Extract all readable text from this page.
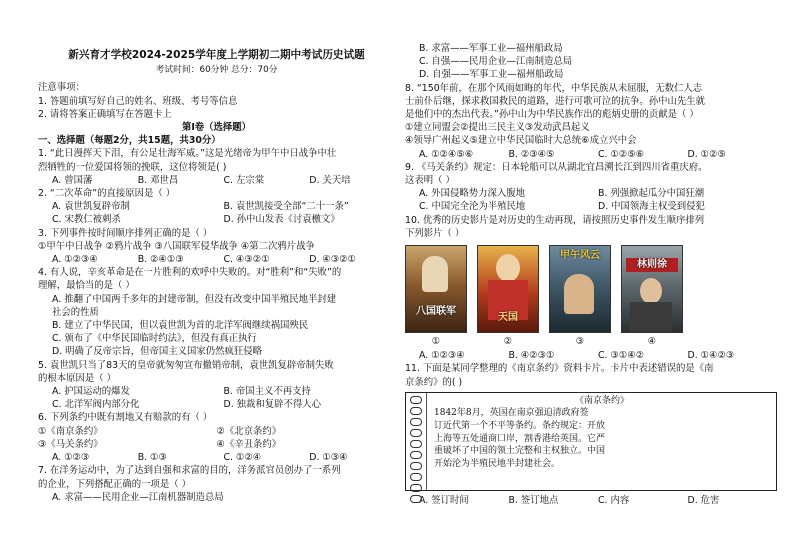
新兴育才学校2024-2025学年度上学期初二期中考试历史试题
考试时间：60分钟 总分：70分
注意事项：
1. 答题前填写好自己的姓名、班级、考号等信息
2. 请将答案正确填写在答题卡上
第I卷（选择题）
一、选择题（每题2分，共15题，共30分）
1. “此日漫挥天下泪，有公足壮海军威。”这是光绪帝为甲午中日战争中壮
烈牺牲的一位爱国将领的挽联，这位将领是( )
A. 曾国藩	B. 邓世昌	C. 左宗棠	D. 关天培
2. “二次革命”的直接原因是（ ）
A. 袁世凯复辟帝制	B. 袁世凯接受全部“二十一条”
C. 宋教仁被刺杀	D. 孙中山发表《讨袁檄文》
3. 下列事件按时间顺序排列正确的是（ ）
①甲午中日战争 ②鸦片战争 ③八国联军侵华战争 ④第二次鸦片战争
A. ①②③④	B. ②④①③	C. ④③②①	D. ④③②①
4. 有人说，辛亥革命是在一片胜利的欢呼中失败的。对“胜利”和“失败”的
理解，最恰当的是（ ）
A. 推翻了中国两千多年的封建帝制，但没有改变中国半殖民地半封建
社会的性质
B. 建立了中华民国，但以袁世凯为首的北洋军阀继续祸国殃民
C. 颁布了《中华民国临时约法》，但没有真正执行
D. 明确了反帝宗旨，但帝国主义国家仍然疯狂侵略
5. 袁世凯只当了83天的皇帝就匆匆宣布撤销帝制，袁世凯复辟帝制失败
的根本原因是（ ）
A. 护国运动的爆发	B. 帝国主义不再支持
C. 北洋军阀内部分化	D. 独裁和复辟不得人心
6. 下列条约中既有割地又有赔款的有（ ）
①《南京条约》	②《北京条约》
③《马关条约》	④《辛丑条约》
A. ①②③	B. ①③	C. ①②④	D. ①③④
7. 在洋务运动中，为了达到自强和求富的目的，洋务派官员创办了一系列
的企业，下列搭配正确的一项是（ ）
A. 求富——民用企业—江南机器制造总局
B. 求富——军事工业—福州船政局
C. 自强——民用企业—江南制造总局
D. 自强——军事工业—福州船政局
8. “150年前，在那个风雨如晦的年代，中华民族从未屈服，无数仁人志
士前仆后继，探求救国救民的道路，进行可歌可泣的抗争。孙中山先生就
是他们中的杰出代表。”孙中山为中华民族作出的彪炳史册的贡献是（ ）
①建立同盟会②提出三民主义③发动武昌起义
④领导广州起义⑤建立中华民国临时大总统⑥成立兴中会
A. ①②④⑤⑥	B. ②③④⑤	C. ①②⑤⑥	D. ①②⑤
9. 《马关条约》规定：日本轮船可以从湖北宜昌溯长江到四川省重庆府。
这表明（ ）
A. 外国侵略势力深入腹地	B. 列强掀起瓜分中国狂潮
C. 中国完全沦为半殖民地	D. 中国领海主权受到侵犯
10. 优秀的历史影片是对历史的生动再现，请按照历史事件发生顺序排列
下列影片（ ）
八国联军
天国
甲午风云
林则徐
①	②	③	④
A. ①②③④	B. ④②③①	C. ③①④②	D. ①④②③
11. 下面是某同学整理的《南京条约》资料卡片。卡片中表述错误的是《南
京条约》的( )
《南京条约》
1842年8月，英国在南京强迫清政府签
订近代第一个不平等条约。条约规定：开放
上海等五处通商口岸，割香港给英国。它严
重破坏了中国的领土完整和主权独立。中国
开始沦为半殖民地半封建社会。
A. 签订时间	B. 签订地点	C. 内容	D. 危害
